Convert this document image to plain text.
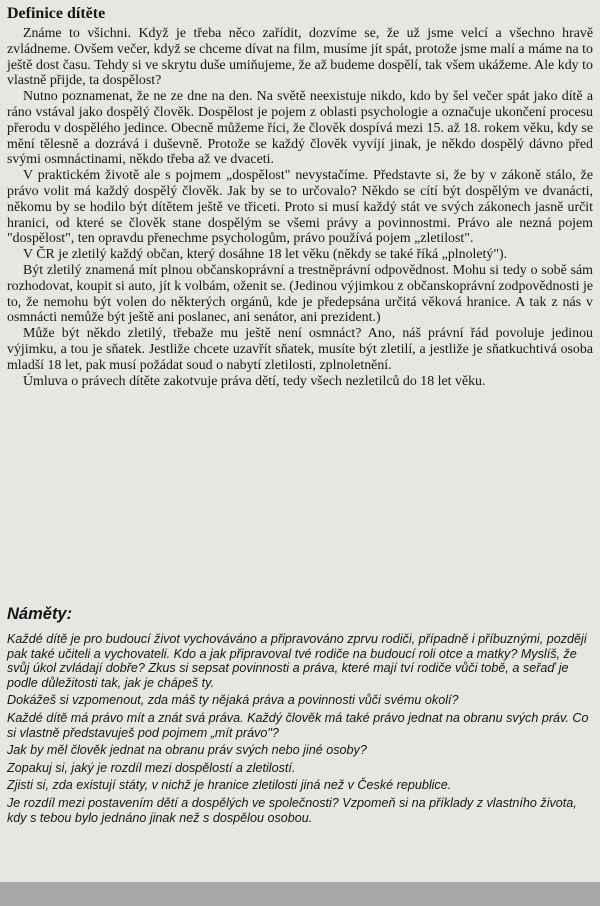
Definice dítěte

Známe to všichni. Když je třeba něco zařídit, dozvíme se, že už jsme velcí a všechno hravě zvládneme. Ovšem večer, když se chceme dívat na film, musíme jít spát, protože jsme malí a máme na to ještě dost času. Tehdy si ve skrytu duše umiňujeme, že až budeme dospělí, tak všem ukážeme. Ale kdy to vlastně přijde, ta dospělost?

Nutno poznamenat, že ne ze dne na den. Na světě neexistuje nikdo, kdo by šel večer spát jako dítě a ráno vstával jako dospělý člověk. Dospělost je pojem z oblasti psychologie a označuje ukončení procesu přerodu v dospělého jedince. Obecně můžeme říci, že člověk dospívá mezi 15. až 18. rokem věku, kdy se mění tělesně a dozrává i duševně. Protože se každý člověk vyvíjí jinak, je někdo dospělý dávno před svými osmnáctinami, někdo třeba až ve dvaceti.

V praktickém životě ale s pojmem „dospělost" nevystačíme. Představte si, že by v zákoně stálo, že právo volit má každý dospělý člověk. Jak by se to určovalo? Někdo se cítí být dospělým ve dvanácti, někomu by se hodilo být dítětem ještě ve třiceti. Proto si musí každý stát ve svých zákonech jasně určit hranici, od které se člověk stane dospělým se všemi právy a povinnostmi. Právo ale nezná pojem "dospělost", ten opravdu přenechme psychologům, právo používá pojem „zletilost".

V ČR je zletilý každý občan, který dosáhne 18 let věku (někdy se také říká „plnoletý").

Být zletilý znamená mít plnou občanskoprávní a trestněprávní odpovědnost. Mohu si tedy o sobě sám rozhodovat, koupit si auto, jít k volbám, oženit se. (Jedinou výjimkou z občanskoprávní zodpovědnosti je to, že nemohu být volen do některých orgánů, kde je předepsána určitá věková hranice. A tak z nás v osmnácti nemůže být ještě ani poslanec, ani senátor, ani prezident.)

Může být někdo zletilý, třebaže mu ještě není osmnáct? Ano, náš právní řád povoluje jedinou výjimku, a tou je sňatek. Jestliže chcete uzavřít sňatek, musíte být zletilí, a jestliže je sňatkuchtivá osoba mladší 18 let, pak musí požádat soud o nabytí zletilosti, zplnoletnění.

Úmluva o právech dítěte zakotvuje práva dětí, tedy všech nezletilců do 18 let věku.

Náměty:

Každé dítě je pro budoucí život vychováváno a připravováno zprvu rodiči, případně i příbuznými, později pak také učiteli a vychovateli. Kdo a jak připravoval tvé rodiče na budoucí roli otce a matky? Myslíš, že svůj úkol zvládají dobře? Zkus si sepsat povinnosti a práva, které mají tví rodiče vůči tobě, a seřaď je podle důležitosti tak, jak je chápeš ty.

Dokážeš si vzpomenout, zda máš ty nějaká práva a povinnosti vůči svému okolí?

Každé dítě má právo mít a znát svá práva. Každý člověk má také právo jednat na obranu svých práv. Co si vlastně představuješ pod pojmem „mít právo"?

Jak by měl člověk jednat na obranu práv svých nebo jiné osoby?

Zopakuj si, jaký je rozdíl mezi dospělostí a zletilostí.

Zjisti si, zda existují státy, v nichž je hranice zletilosti jiná než v České republice.

Je rozdíl mezi postavením dětí a dospělých ve společnosti? Vzpomeň si na příklady z vlastního života, kdy s tebou bylo jednáno jinak než s dospělou osobou.
